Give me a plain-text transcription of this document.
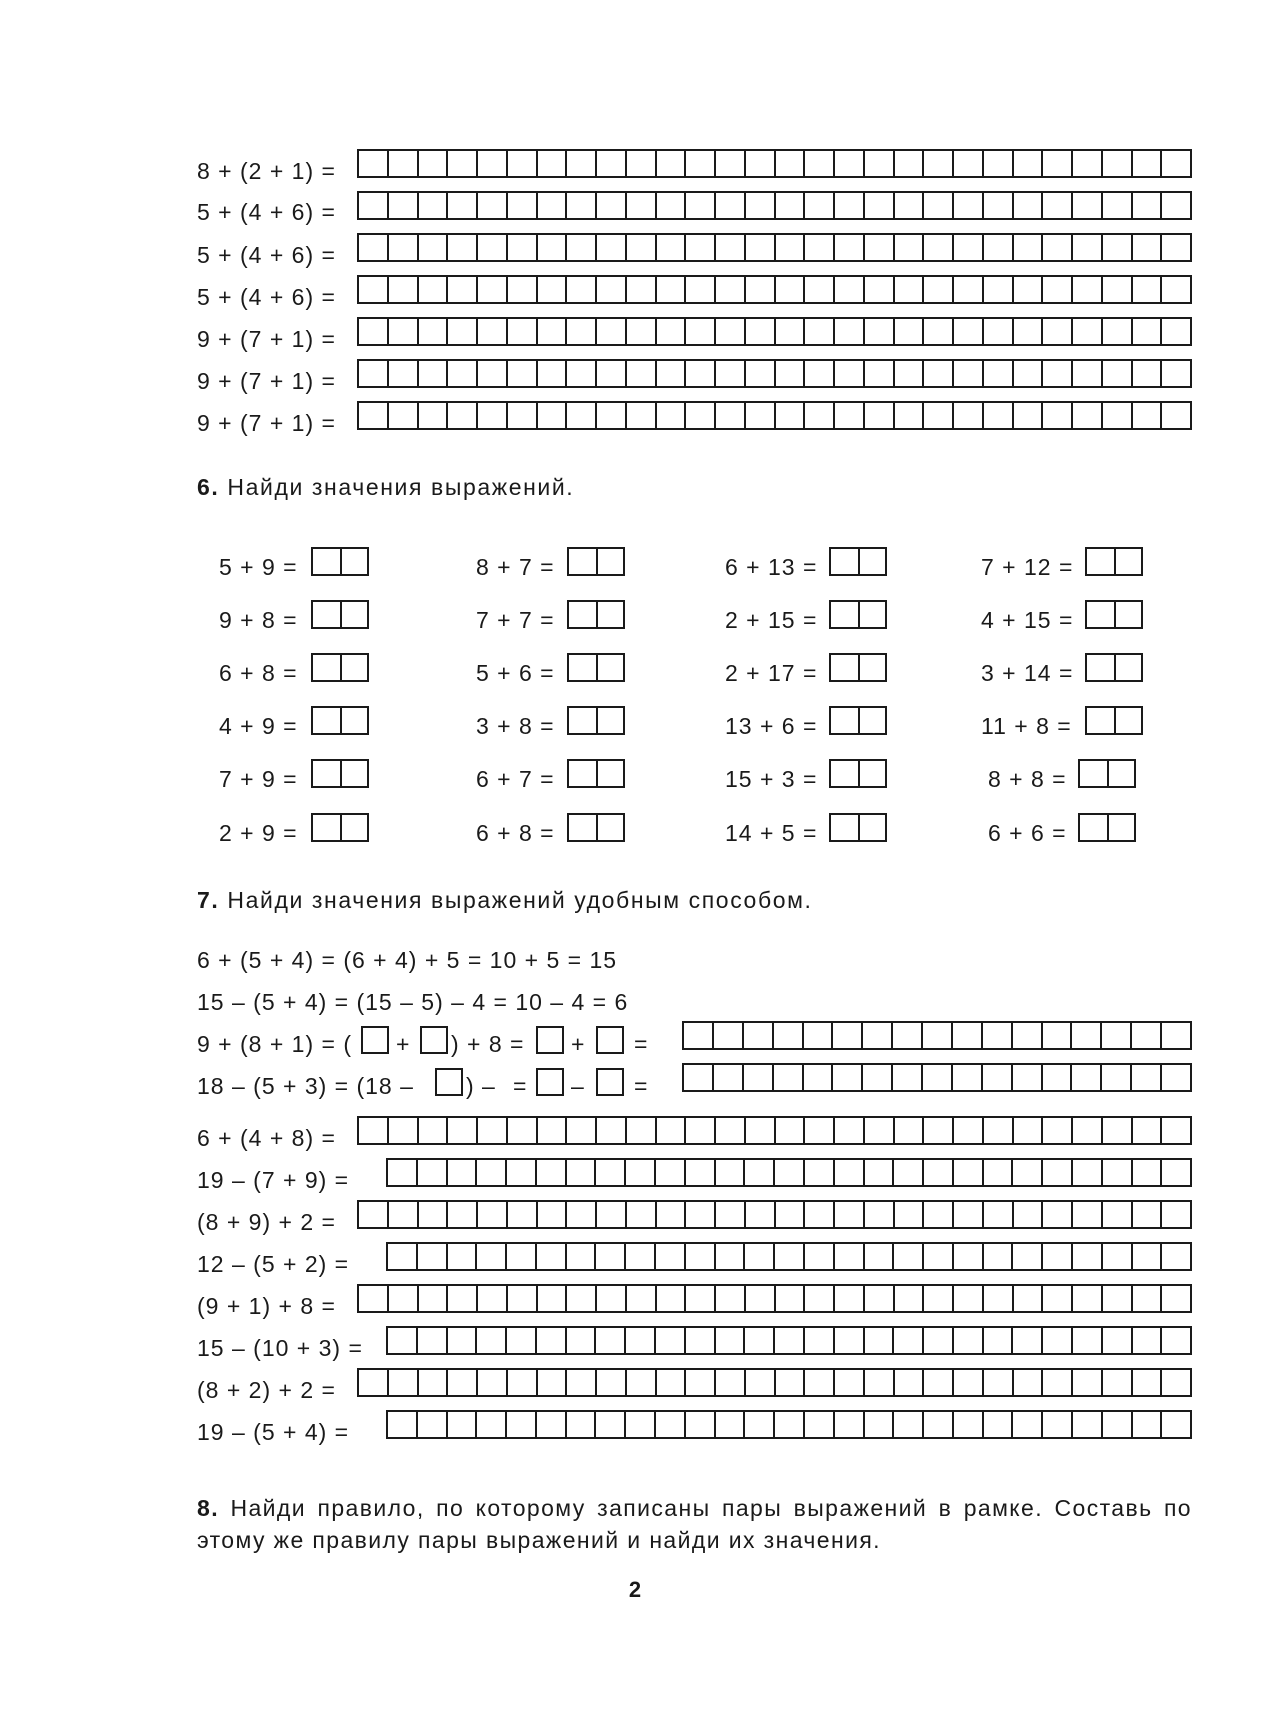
8 + (2 + 1) =
5 + (4 + 6) =
5 + (4 + 6) =
5 + (4 + 6) =
9 + (7 + 1) =
9 + (7 + 1) =
9 + (7 + 1) =
6. Найди значения выражений.
5 + 9 =
9 + 8 =
6 + 8 =
4 + 9 =
7 + 9 =
2 + 9 =
8 + 7 =
7 + 7 =
5 + 6 =
3 + 8 =
6 + 7 =
6 + 8 =
6 + 13 =
2 + 15 =
2 + 17 =
13 + 6 =
15 + 3 =
14 + 5 =
7 + 12 =
4 + 15 =
3 + 14 =
11 + 8 =
8 + 8 =
6 + 6 =
7. Найди значения выражений удобным способом.
6 + (5 + 4) = (6 + 4) + 5 = 10 + 5 = 15
15 – (5 + 4) = (15 – 5) – 4 = 10 – 4 = 6
9 + (8 + 1) = ( + ) + 8 = + =
18 – (5 + 3) = (18 – ) – = – =
6 + (4 + 8) =
19 – (7 + 9) =
(8 + 9) + 2 =
12 – (5 + 2) =
(9 + 1) + 8 =
15 – (10 + 3) =
(8 + 2) + 2 =
19 – (5 + 4) =
8. Найди правило, по которому записаны пары выражений в рамке. Составь по этому же правилу пары выражений и найди их значения.
2
